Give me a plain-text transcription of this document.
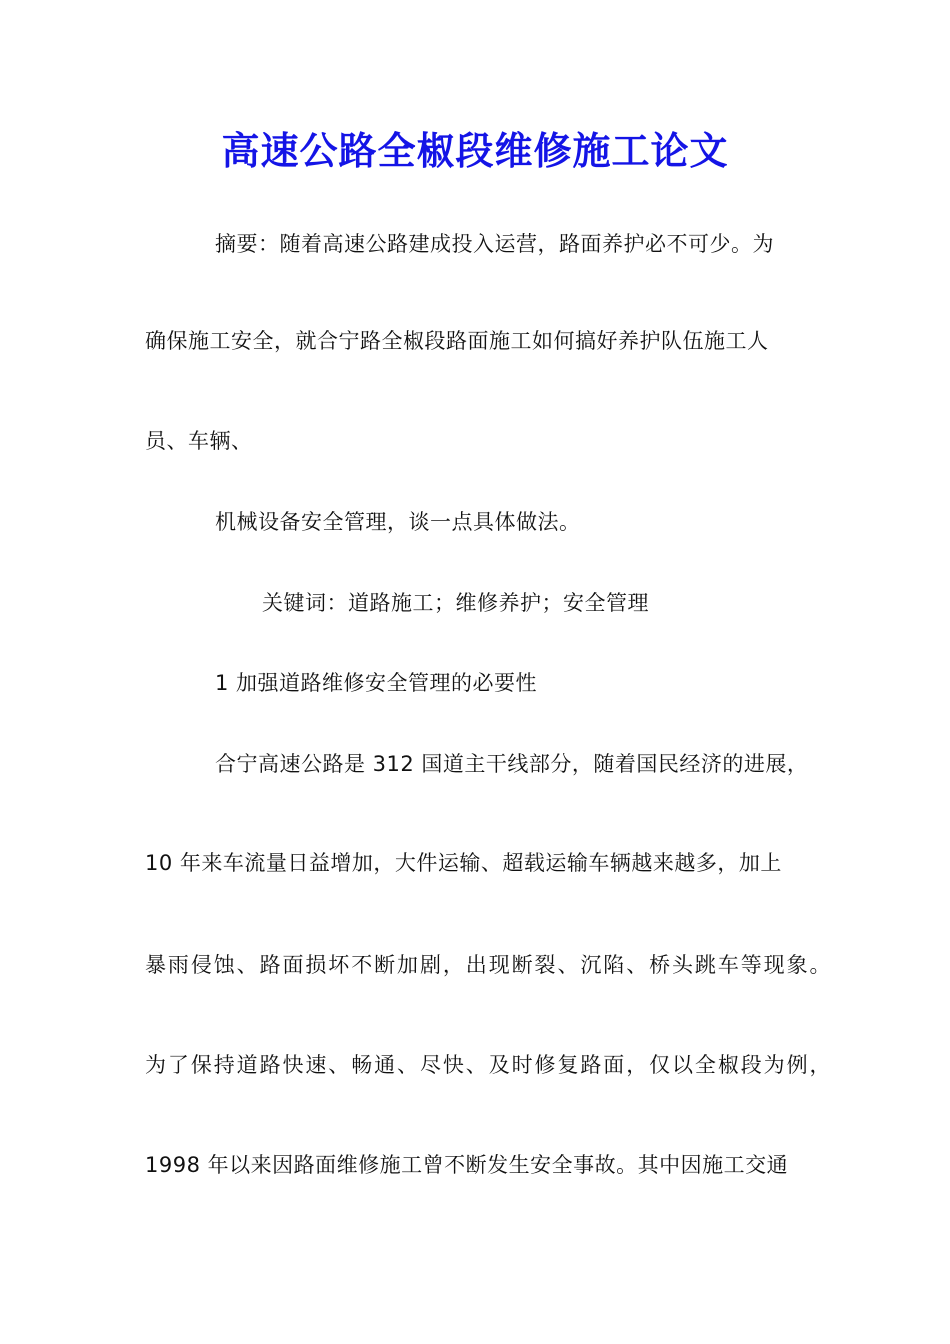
高速公路全椒段维修施工论文
摘要：随着高速公路建成投入运营，路面养护必不可少。为
确保施工安全，就合宁路全椒段路面施工如何搞好养护队伍施工人
员、车辆、
机械设备安全管理，谈一点具体做法。
关键词：道路施工；维修养护；安全管理
1 加强道路维修安全管理的必要性
合宁高速公路是 312 国道主干线部分，随着国民经济的进展，
10 年来车流量日益增加，大件运输、超载运输车辆越来越多，加上
暴雨侵蚀、路面损坏不断加剧，出现断裂、沉陷、桥头跳车等现象。
为了保持道路快速、畅通、尽快、及时修复路面，仅以全椒段为例，
1998 年以来因路面维修施工曾不断发生安全事故。其中因施工交通
